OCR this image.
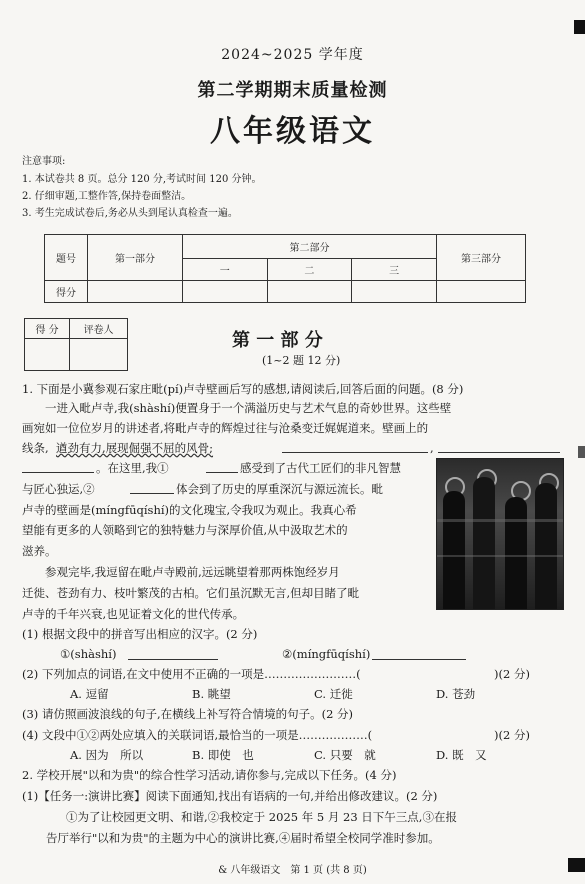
2024~2025 学年度
第二学期期末质量检测
八年级语文
注意事项:
1. 本试卷共 8 页。总分 120 分,考试时间 120 分钟。
2. 仔细审题,工整作答,保持卷面整洁。
3. 考生完成试卷后,务必从头到尾认真检查一遍。
题号	第一部分	第二部分			第三部分
		一	二	三	
得分					
得 分	评卷人
		第 一 部 分
(1~2 题 12 分)
1. 下面是小冀参观石家庄毗(pí)卢寺壁画后写的感想,请阅读后,回答后面的问题。(8 分)
一进入毗卢寺,我(shàshí)便置身于一个满溢历史与艺术气息的奇妙世界。这些壁
画宛如一位位岁月的讲述者,将毗卢寺的辉煌过往与沧桑变迁娓娓道来。壁画上的
线条, 遒劲有力,展现倔强不屈的风骨;	,
。在这里,我①	感受到了古代工匠们的非凡智慧
与匠心独运,②	体会到了历史的厚重深沉与源远流长。毗
卢寺的壁画是(míngfūqíshí)的文化瑰宝,令我叹为观止。我真心希
望能有更多的人领略到它的独特魅力与深厚价值,从中汲取艺术的
滋养。
参观完毕,我逗留在毗卢寺殿前,远远眺望着那两株饱经岁月
迁徙、苍劲有力、枝叶繁茂的古柏。它们虽沉默无言,但却目睹了毗
卢寺的千年兴衰,也见证着文化的世代传承。
(1) 根据文段中的拼音写出相应的汉字。(2 分)
①(shàshí)	②(míngfūqíshí)
(2) 下列加点的词语,在文中使用不正确的一项是……………………(	)(2 分)
A. 逗留	B. 眺望	C. 迁徙	D. 苍劲
(3) 请仿照画波浪线的句子,在横线上补写符合情境的句子。(2 分)
(4) 文段中①②两处应填入的关联词语,最恰当的一项是………………(	)(2 分)
A. 因为　所以	B. 即使　也	C. 只要　就	D. 既　又
2. 学校开展"以和为贵"的综合性学习活动,请你参与,完成以下任务。(4 分)
(1)【任务一:演讲比赛】阅读下面通知,找出有语病的一句,并给出修改建议。(2 分)
①为了让校园更文明、和谐,②我校定于 2025 年 5 月 23 日下午三点,③在报
告厅举行"以和为贵"的主题为中心的演讲比赛,④届时希望全校同学准时参加。
& 八年级语文　第 1 页 (共 8 页)
